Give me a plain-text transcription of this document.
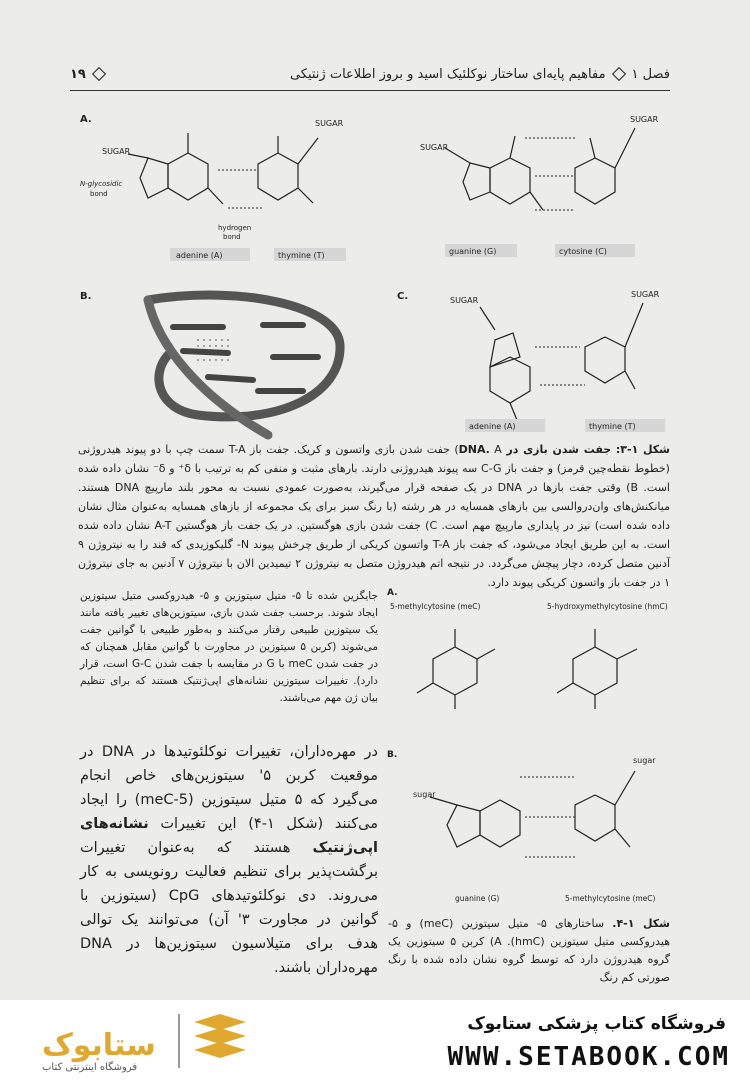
فصل ۱
مفاهیم پایه‌ای ساختار نوکلئیک اسید و بروز اطلاعات ژنتیکی
۱۹
A.	SUGAR
SUGAR
N-glycosidic
bond
hydrogen
bond
adenine (A)	thymine (T)
SUGAR
SUGAR
guanine (G)	cytosine (C)
B.	C.	SUGAR
SUGAR
adenine (A)	thymine (T)
شکل ۱-۳: جفت شدن بازی در DNA. A) جفت شدن بازی واتسون و کریک. جفت باز T-A سمت چپ با دو پیوند هیدروژنی (خطوط نقطه‌چین قرمز) و جفت باز C-G سه پیوند هیدروژنی دارند. بارهای مثبت و منفی کم به ترتیب با δ⁺ و δ⁻ نشان داده شده است. B) وقتی جفت بازها در DNA در یک صفحه قرار می‌گیرند، به‌صورت عمودی نسبت به محور بلند مارپیچ DNA هستند. میانکنش‌های وان‌دروالسی بین بازهای همسایه در هر رشته (با رنگ سبز برای یک مجموعه از بازهای همسایه به‌عنوان مثال نشان داده شده است) نیز در پایداری مارپیچ مهم است. C) جفت شدن بازی هوگستین. در یک جفت باز هوگستین A-T نشان داده شده است. به این طریق ایجاد می‌شود، که جفت باز T-A واتسون کریکی از طریق چرخش پیوند N- گلیکوزیدی که قند را به نیتروژن ۹ آدنین متصل کرده، دچار پیچش می‌گردد. در نتیجه اتم هیدروژن متصل به نیتروژن ۲ تیمیدین الان با نیتروژن ۷ آدنین به جای نیتروژن ۱ در جفت باز واتسون کریکی پیوند دارد.
جایگزین شده تا ۵- متیل سیتوزین و ۵- هیدروکسی متیل سیتوزین ایجاد شوند. برحسب جفت شدن بازی، سیتوزین‌های تغییر یافته مانند یک سیتوزین طبیعی رفتار می‌کنند و به‌طور طبیعی با گوانین جفت می‌شوند (کربن ۵ سیتوزین در مجاورت با گوانین مقابل همچنان که در جفت شدن meC با G در مقایسه با جفت شدن G-C است، قرار دارد). تغییرات سیتوزین نشانه‌های اپی‌ژنتیک هستند که برای تنظیم بیان ژن مهم می‌باشند.
در مهره‌داران، تغییرات نوکلئوتیدها در DNA در موقعیت کربن ۵' سیتوزین‌های خاص انجام می‌گیرد که ۵ متیل سیتوزین (5-meC) را ایجاد می‌کنند (شکل ۱-۴) این تغییرات نشانه‌های اپی‌ژنتیک هستند که به‌عنوان تغییرات برگشت‌پذیر برای تنظیم فعالیت رونویسی به کار می‌روند. دی نوکلئوتیدهای CpG (سیتوزین با گوانین در مجاورت ۳' آن) می‌توانند یک توالی هدف برای متیلاسیون سیتوزین‌ها در DNA مهره‌داران باشند.
A.
5-methylcytosine (meC)	5-hydroxymethylcytosine (hmC)
B.
sugar
sugar
guanine (G)	5-methylcytosine (meC)
شکل ۱-۴. ساختارهای ۵- متیل سیتوزین (meC) و ۵- هیدروکسی متیل سیتوزین (hmC). A) کربن ۵ سیتوزین یک گروه هیدروژن دارد که توسط گروه نشان داده شده با رنگ صورتی کم رنگ
ستابوک
فروشگاه اینترنتی کتاب
فروشگاه کتاب پزشکی ستابوک
WWW.SETABOOK.COM
